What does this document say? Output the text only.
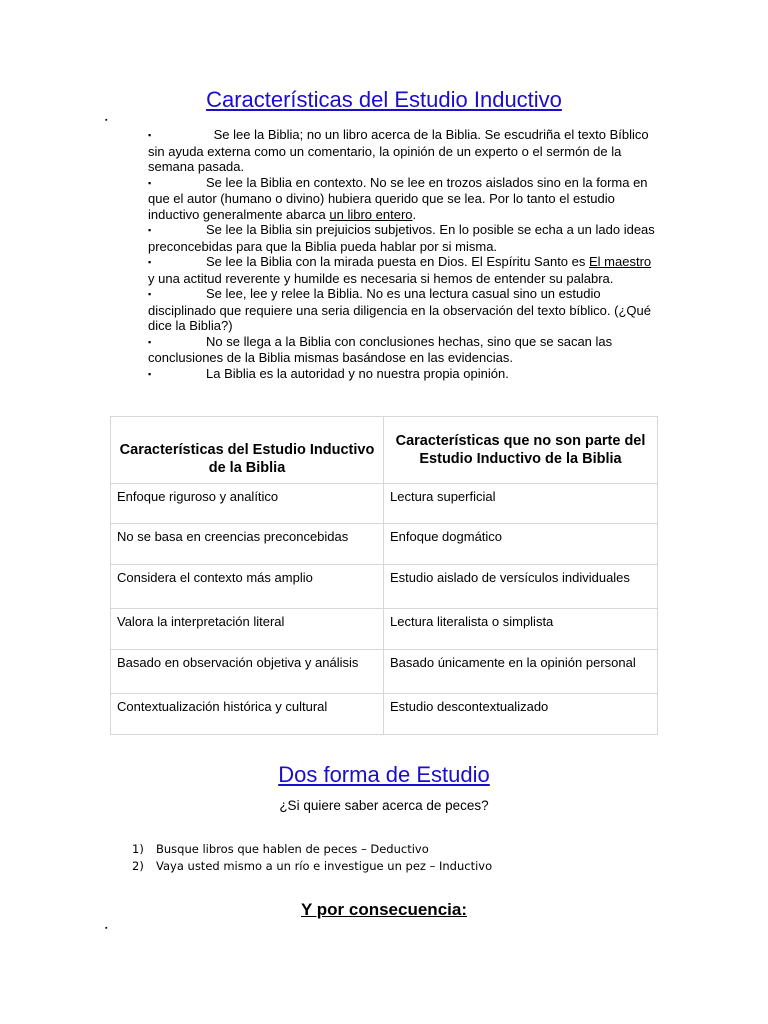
Características del Estudio Inductivo
▪

▪	Se lee la Biblia; no un libro acerca de la Biblia. Se escudriña el texto Bíblico sin ayuda externa como un comentario, la opinión de un experto o el sermón de la semana pasada.

▪	Se lee la Biblia en contexto. No se lee en trozos aislados sino en la forma en que el autor (humano o divino) hubiera querido que se lea. Por lo tanto el estudio inductivo generalmente abarca un libro entero.

▪	Se lee la Biblia sin prejuicios subjetivos. En lo posible se echa a un lado ideas preconcebidas para que la Biblia pueda hablar por si misma.

▪	Se lee la Biblia con la mirada puesta en Dios. El Espíritu Santo es El maestro y una actitud reverente y humilde es necesaria si hemos de entender su palabra.

▪	Se lee, lee y relee la Biblia. No es una lectura casual sino un estudio disciplinado que requiere una seria diligencia en la observación del texto bíblico. (¿Qué dice la Biblia?)

▪	No se llega a la Biblia con conclusiones hechas, sino que se sacan las conclusiones de la Biblia mismas basándose en las evidencias.

▪	La Biblia es la autoridad y no nuestra propia opinión.

Características del Estudio Inductivo de la Biblia	Características que no son parte del Estudio Inductivo de la Biblia
Enfoque riguroso y analítico	Lectura superficial
No se basa en creencias preconcebidas	Enfoque dogmático
Considera el contexto más amplio	Estudio aislado de versículos individuales
Valora la interpretación literal	Lectura literalista o simplista
Basado en observación objetiva y análisis	Basado únicamente en la opinión personal
Contextualización histórica y cultural	Estudio descontextualizado
Dos forma de Estudio
¿Si quiere saber acerca de peces?
1) Busque libros que hablen de peces – Deductivo
2) Vaya usted mismo a un río e investigue un pez – Inductivo
Y por consecuencia:
▪
